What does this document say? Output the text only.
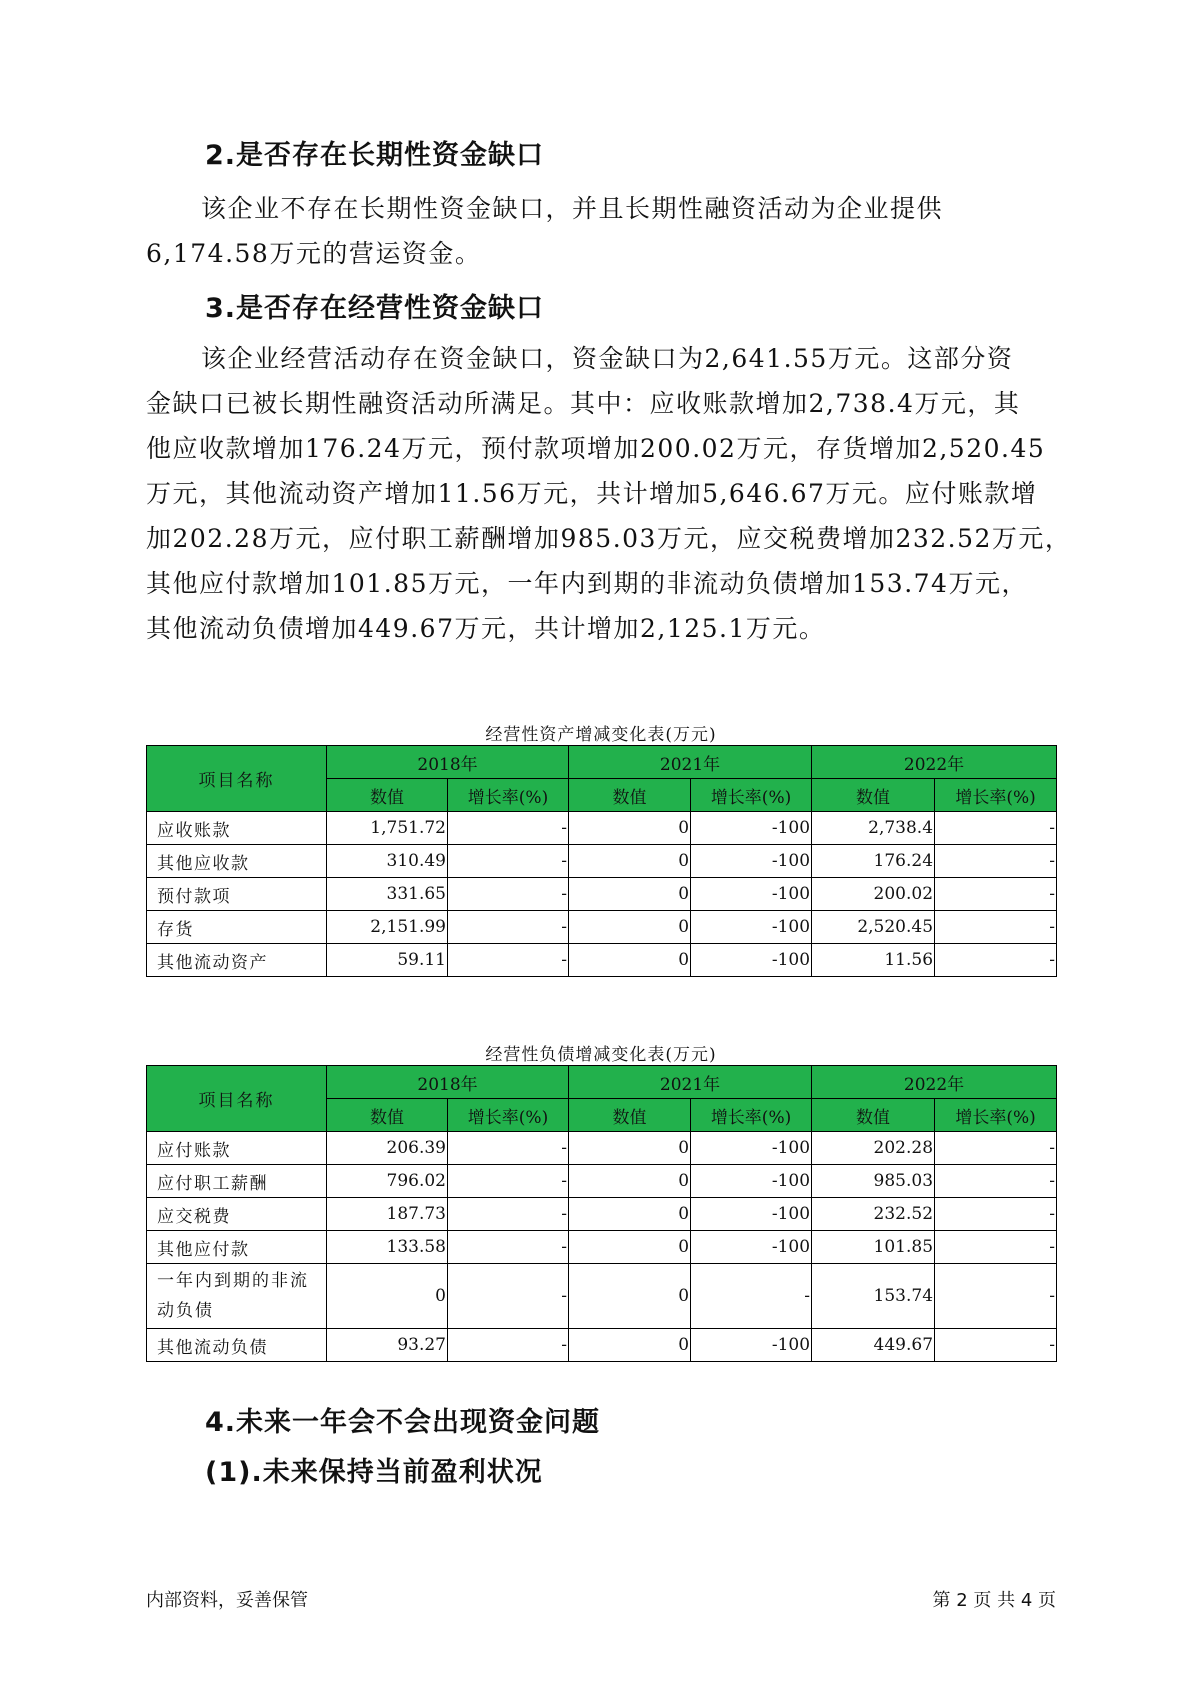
2.是否存在长期性资金缺口
该企业不存在长期性资金缺口，并且长期性融资活动为企业提供
6,174.58万元的营运资金。
3.是否存在经营性资金缺口
该企业经营活动存在资金缺口，资金缺口为2,641.55万元。这部分资
金缺口已被长期性融资活动所满足。其中：应收账款增加2,738.4万元，其
他应收款增加176.24万元，预付款项增加200.02万元，存货增加2,520.45
万元，其他流动资产增加11.56万元，共计增加5,646.67万元。应付账款增
加202.28万元，应付职工薪酬增加985.03万元，应交税费增加232.52万元，
其他应付款增加101.85万元，一年内到期的非流动负债增加153.74万元，
其他流动负债增加449.67万元，共计增加2,125.1万元。
经营性资产增减变化表(万元)
项目名称	2018年		2021年		2022年	
	数值	增长率(%)	数值	增长率(%)	数值	增长率(%)
应收账款	1,751.72	-	0	-100	2,738.4	-
其他应收款	310.49	-	0	-100	176.24	-
预付款项	331.65	-	0	-100	200.02	-
存货	2,151.99	-	0	-100	2,520.45	-
其他流动资产	59.11	-	0	-100	11.56	-
经营性负债增减变化表(万元)
项目名称	2018年		2021年		2022年	
	数值	增长率(%)	数值	增长率(%)	数值	增长率(%)
应付账款	206.39	-	0	-100	202.28	-
应付职工薪酬	796.02	-	0	-100	985.03	-
应交税费	187.73	-	0	-100	232.52	-
其他应付款	133.58	-	0	-100	101.85	-
一年内到期的非流动负债	0	-	0	-	153.74	-
其他流动负债	93.27	-	0	-100	449.67	-
4.未来一年会不会出现资金问题
(1).未来保持当前盈利状况
内部资料，妥善保管	第 2 页 共 4 页
